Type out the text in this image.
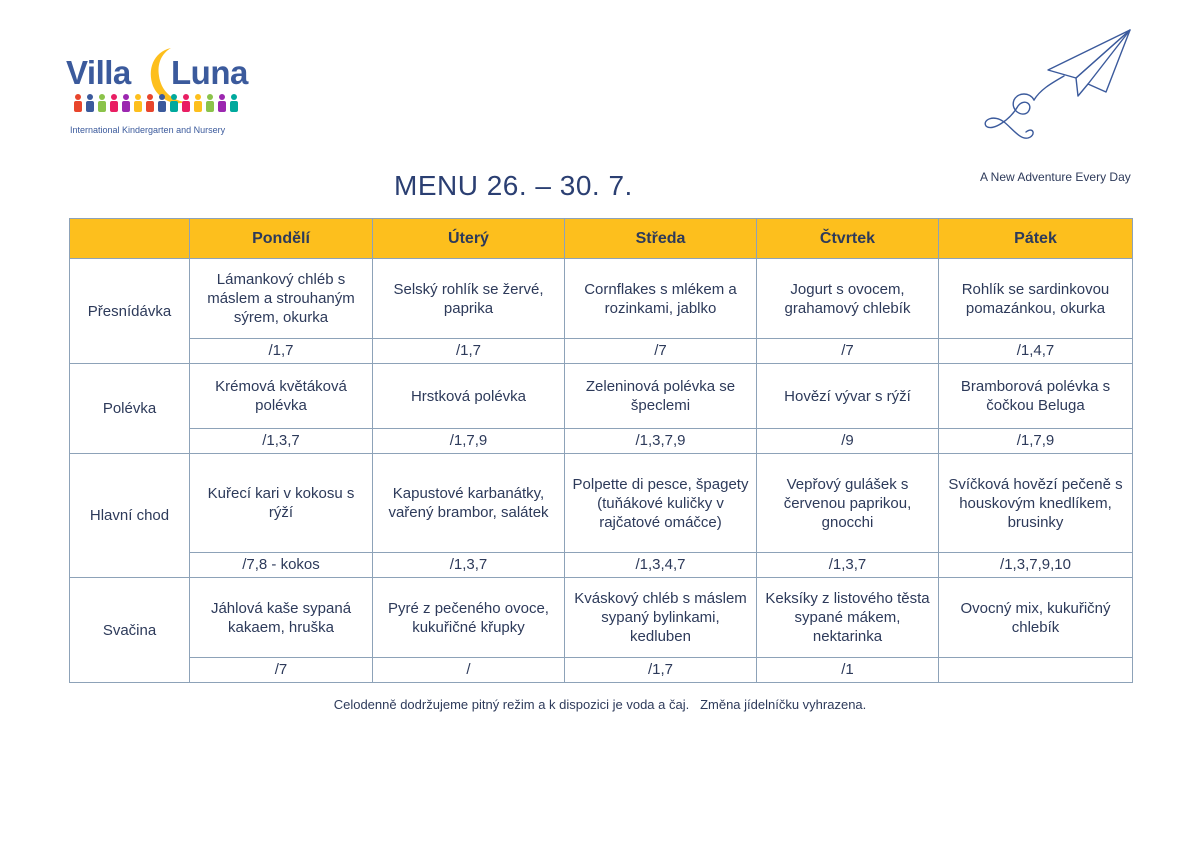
Villa Luna
International Kindergarten and Nursery
A New Adventure Every Day
MENU 26. – 30. 7.
	Pondělí	Úterý	Středa	Čtvrtek	Pátek
Přesnídávka	Lámankový chléb s máslem a strouhaným sýrem, okurka	Selský rohlík se žervé, paprika	Cornflakes s mlékem a rozinkami, jablko	Jogurt s ovocem, grahamový chlebík	Rohlík se sardinkovou pomazánkou, okurka
	/1,7	/1,7	/7	/7	/1,4,7
Polévka	Krémová květáková polévka	Hrstková polévka	Zeleninová polévka se špeclemi	Hovězí vývar s rýží	Bramborová polévka s čočkou Beluga
	/1,3,7	/1,7,9	/1,3,7,9	/9	/1,7,9
Hlavní chod	Kuřecí kari v kokosu s rýží	Kapustové karbanátky, vařený brambor, salátek	Polpette di pesce, špagety (tuňákové kuličky v rajčatové omáčce)	Vepřový gulášek s červenou paprikou, gnocchi	Svíčková hovězí pečeně s houskovým knedlíkem, brusinky
	/7,8 - kokos	/1,3,7	/1,3,4,7	/1,3,7	/1,3,7,9,10
Svačina	Jáhlová kaše sypaná kakaem, hruška	Pyré z pečeného ovoce, kukuřičné křupky	Kváskový chléb s máslem sypaný bylinkami, kedluben	Keksíky z listového těsta sypané mákem, nektarinka	Ovocný mix, kukuřičný chlebík
	/7	/	/1,7	/1	
Celodenně dodržujeme pitný režim a k dispozici je voda a čaj. Změna jídelníčku vyhrazena.
